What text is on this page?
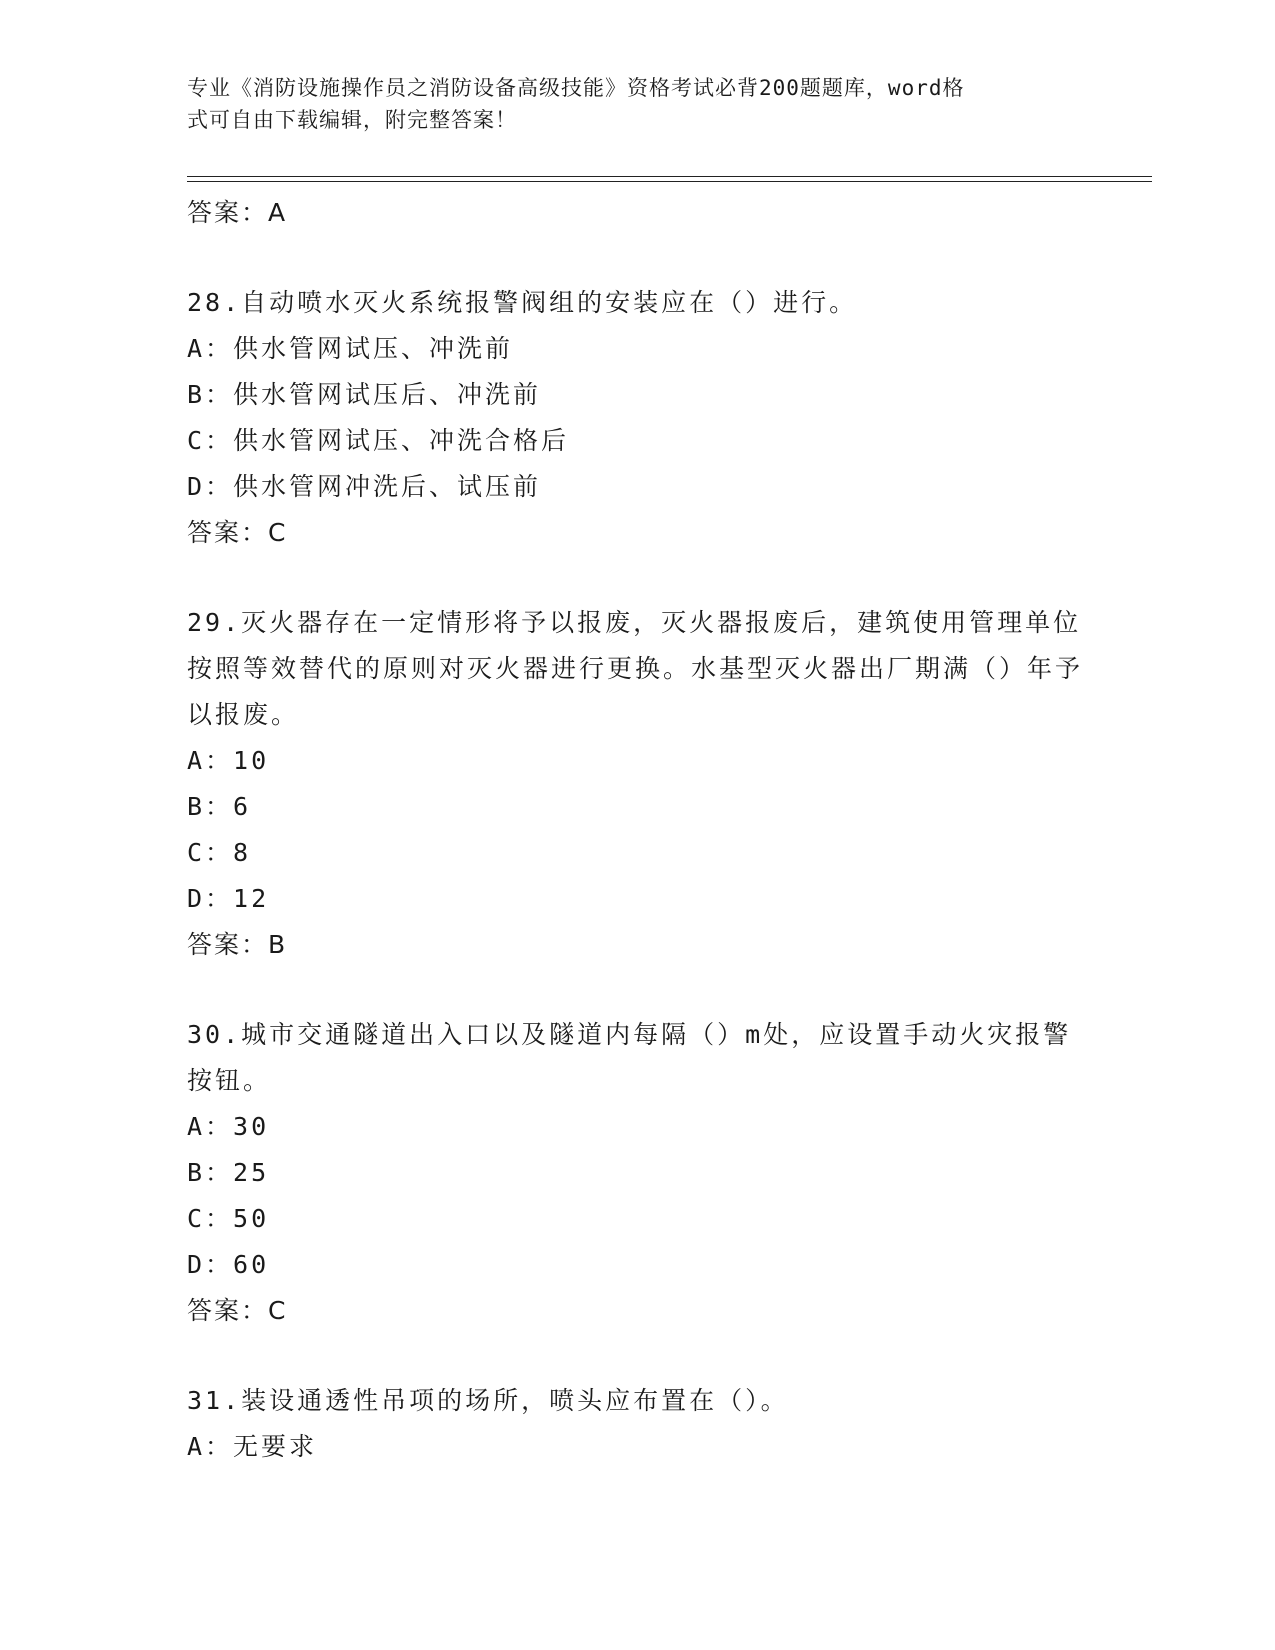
专业《消防设施操作员之消防设备高级技能》资格考试必背200题题库，word格
式可自由下载编辑，附完整答案！
答案：A
28.自动喷水灭火系统报警阀组的安装应在（）进行。
A：供水管网试压、冲洗前
B：供水管网试压后、冲洗前
C：供水管网试压、冲洗合格后
D：供水管网冲洗后、试压前
答案：C
29.灭火器存在一定情形将予以报废，灭火器报废后，建筑使用管理单位按照等效替代的原则对灭火器进行更换。水基型灭火器出厂期满（）年予以报废。
A：10
B：6
C：8
D：12
答案：B
30.城市交通隧道出入口以及隧道内每隔（）m处，应设置手动火灾报警按钮。
A：30
B：25
C：50
D：60
答案：C
31.装设通透性吊项的场所，喷头应布置在（）。
A：无要求
